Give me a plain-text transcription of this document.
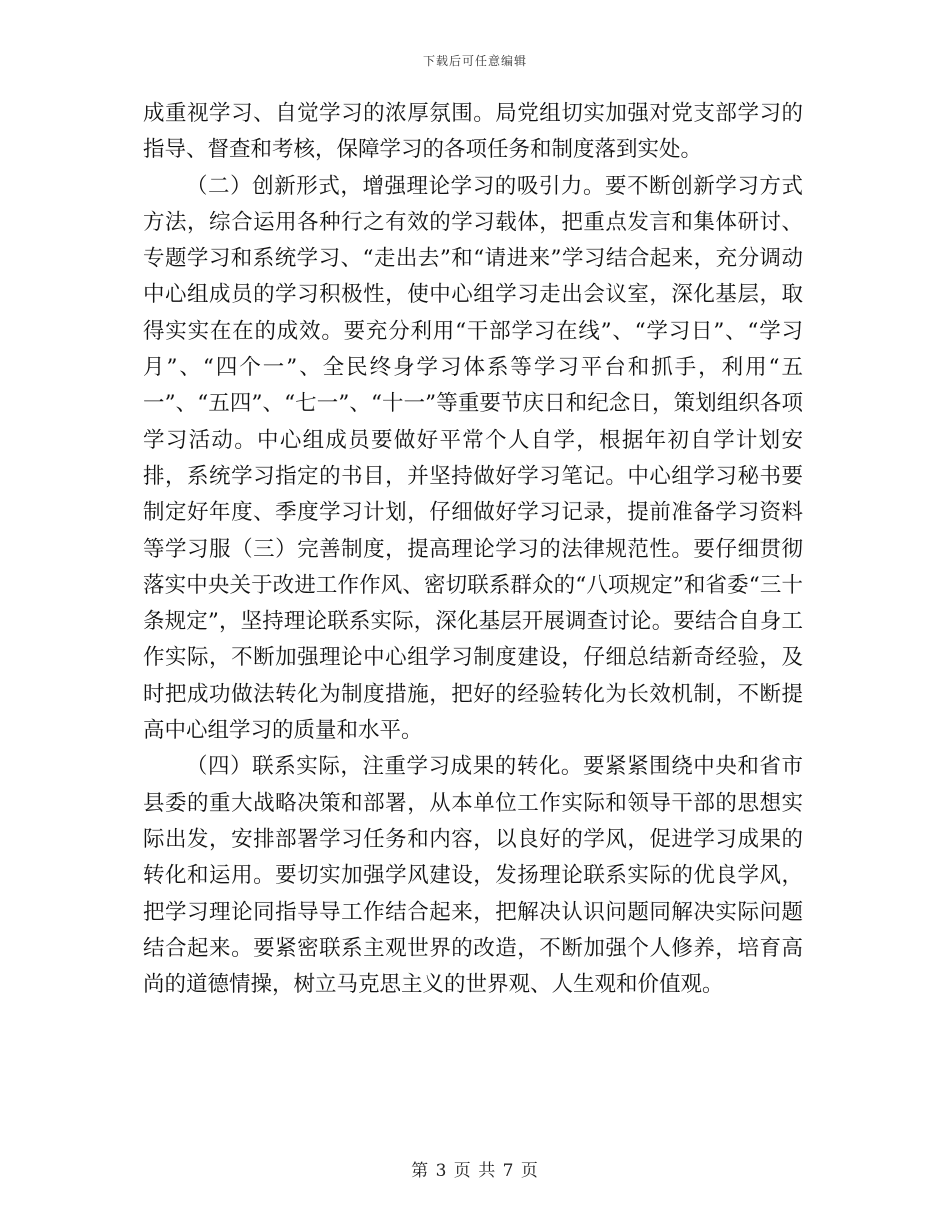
下载后可任意编辑

成重视学习、自觉学习的浓厚氛围。局党组切实加强对党支部学习的指导、督查和考核，保障学习的各项任务和制度落到实处。

（二）创新形式，增强理论学习的吸引力。要不断创新学习方式方法，综合运用各种行之有效的学习载体，把重点发言和集体研讨、专题学习和系统学习、“走出去”和“请进来”学习结合起来，充分调动中心组成员的学习积极性，使中心组学习走出会议室，深化基层，取得实实在在的成效。要充分利用“干部学习在线”、“学习日”、“学习月”、“四个一”、全民终身学习体系等学习平台和抓手，利用“五一”、“五四”、“七一”、“十一”等重要节庆日和纪念日，策划组织各项学习活动。中心组成员要做好平常个人自学，根据年初自学计划安排，系统学习指定的书目，并坚持做好学习笔记。中心组学习秘书要制定好年度、季度学习计划，仔细做好学习记录，提前准备学习资料等学习服（三）完善制度，提高理论学习的法律规范性。要仔细贯彻落实中央关于改进工作作风、密切联系群众的“八项规定”和省委“三十条规定”，坚持理论联系实际，深化基层开展调查讨论。要结合自身工作实际，不断加强理论中心组学习制度建设，仔细总结新奇经验，及时把成功做法转化为制度措施，把好的经验转化为长效机制，不断提高中心组学习的质量和水平。

（四）联系实际，注重学习成果的转化。要紧紧围绕中央和省市县委的重大战略决策和部署，从本单位工作实际和领导干部的思想实际出发，安排部署学习任务和内容，以良好的学风，促进学习成果的转化和运用。要切实加强学风建设，发扬理论联系实际的优良学风，把学习理论同指导导工作结合起来，把解决认识问题同解决实际问题结合起来。要紧密联系主观世界的改造，不断加强个人修养，培育高尚的道德情操，树立马克思主义的世界观、人生观和价值观。

第 3 页 共 7 页
